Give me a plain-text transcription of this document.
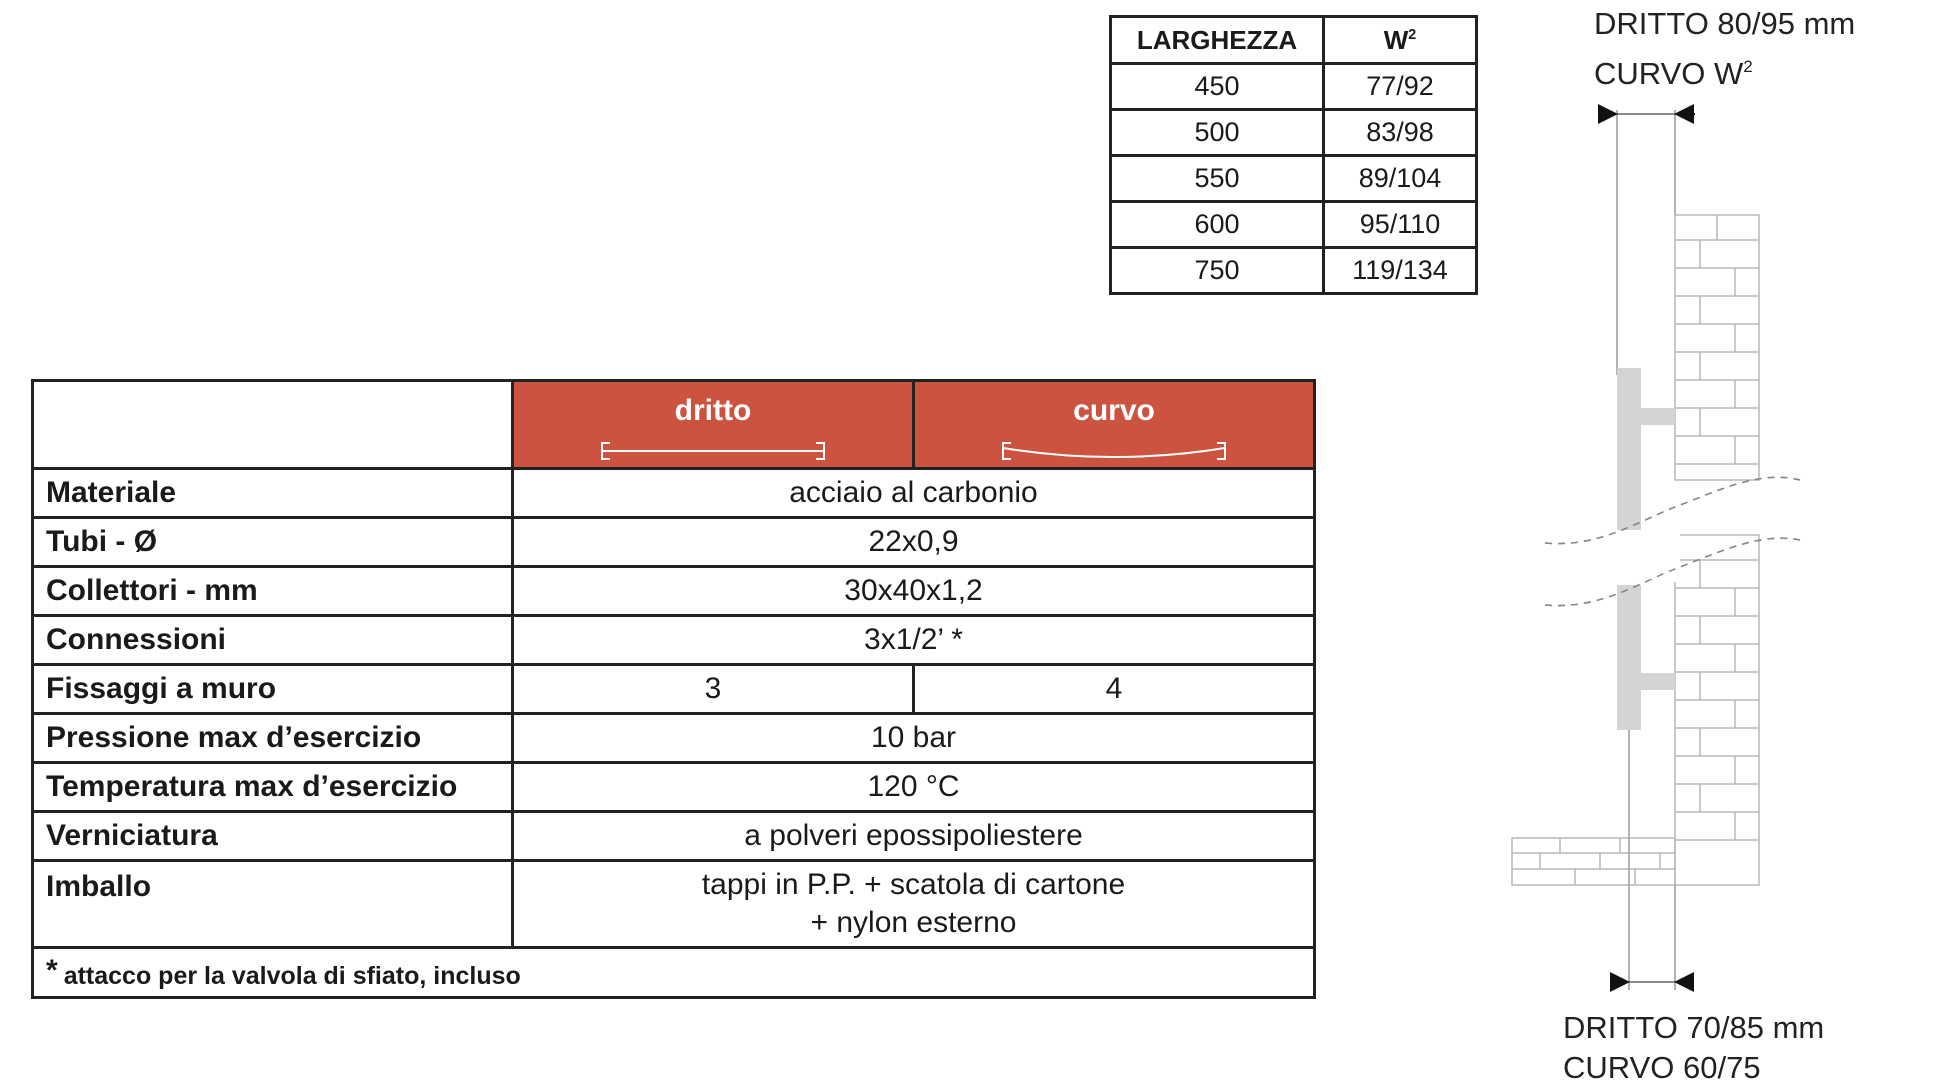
LARGHEZZA	$W^2$
450	77/92
500	83/98
550	89/104
600	95/110
750	119/134

	dritto	curvo

Materiale	acciaio al carbonio	
Tubi - Ø	22x0,9	
Collettori - mm	30x40x1,2	
Connessioni	3x1/2’ *	
Fissaggi a muro	3	4
Pressione max d’esercizio	10 bar	
Temperatura max d’esercizio	120 °C	
Verniciatura	a polveri epossipoliestere	
Imballo	tappi in P.P. + scatola di cartone
+ nylon esterno	

* attacco per la valvola di sfiato, incluso		
DRITTO 80/95 mm
CURVO $W^2$
DRITTO 70/85 mm
CURVO 60/75
